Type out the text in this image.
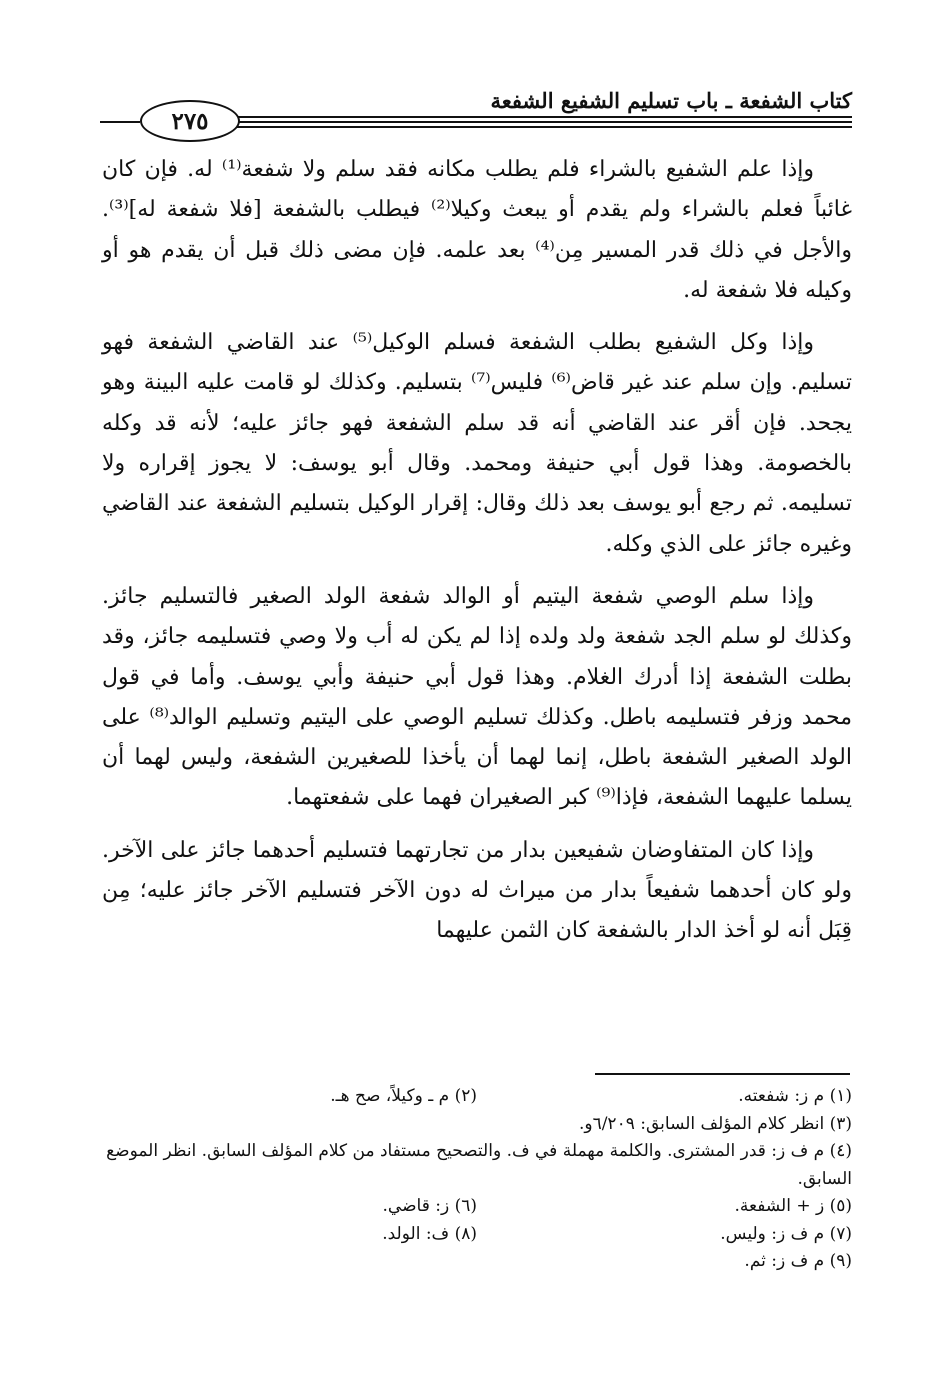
كتاب الشفعة ـ باب تسليم الشفيع الشفعة
٢٧٥

وإذا علم الشفيع بالشراء فلم يطلب مكانه فقد سلم ولا شفعة⁽¹⁾ له. فإن كان غائباً فعلم بالشراء ولم يقدم أو يبعث وكيلا⁽²⁾ فيطلب بالشفعة [فلا شفعة له]⁽³⁾. والأجل في ذلك قدر المسير مِن⁽⁴⁾ بعد علمه. فإن مضى ذلك قبل أن يقدم هو أو وكيله فلا شفعة له.

وإذا وكل الشفيع بطلب الشفعة فسلم الوكيل⁽⁵⁾ عند القاضي الشفعة فهو تسليم. وإن سلم عند غير قاض⁽⁶⁾ فليس⁽⁷⁾ بتسليم. وكذلك لو قامت عليه البينة وهو يجحد. فإن أقر عند القاضي أنه قد سلم الشفعة فهو جائز عليه؛ لأنه قد وكله بالخصومة. وهذا قول أبي حنيفة ومحمد. وقال أبو يوسف: لا يجوز إقراره ولا تسليمه. ثم رجع أبو يوسف بعد ذلك وقال: إقرار الوكيل بتسليم الشفعة عند القاضي وغيره جائز على الذي وكله.

وإذا سلم الوصي شفعة اليتيم أو الوالد شفعة الولد الصغير فالتسليم جائز. وكذلك لو سلم الجد شفعة ولد ولده إذا لم يكن له أب ولا وصي فتسليمه جائز، وقد بطلت الشفعة إذا أدرك الغلام. وهذا قول أبي حنيفة وأبي يوسف. وأما في قول محمد وزفر فتسليمه باطل. وكذلك تسليم الوصي على اليتيم وتسليم الوالد⁽⁸⁾ على الولد الصغير الشفعة باطل، إنما لهما أن يأخذا للصغيرين الشفعة، وليس لهما أن يسلما عليهما الشفعة، فإذا⁽⁹⁾ كبر الصغيران فهما على شفعتهما.

وإذا كان المتفاوضان شفيعين بدار من تجارتهما فتسليم أحدهما جائز على الآخر. ولو كان أحدهما شفيعاً بدار من ميراث له دون الآخر فتسليم الآخر جائز عليه؛ مِن قِبَل أنه لو أخذ الدار بالشفعة كان الثمن عليهما

(١) م ز: شفعته.
(٢) م ـ وكيلاً، صح هـ.
(٣) انظر كلام المؤلف السابق: ٦/٢٠٩و.
(٤) م ف ز: قدر المشترى. والكلمة مهملة في ف. والتصحيح مستفاد من كلام المؤلف السابق. انظر الموضع السابق.
(٥) ز + الشفعة.
(٦) ز: قاضي.
(٧) م ف ز: وليس.
(٨) ف: الولد.
(٩) م ف ز: ثم.
